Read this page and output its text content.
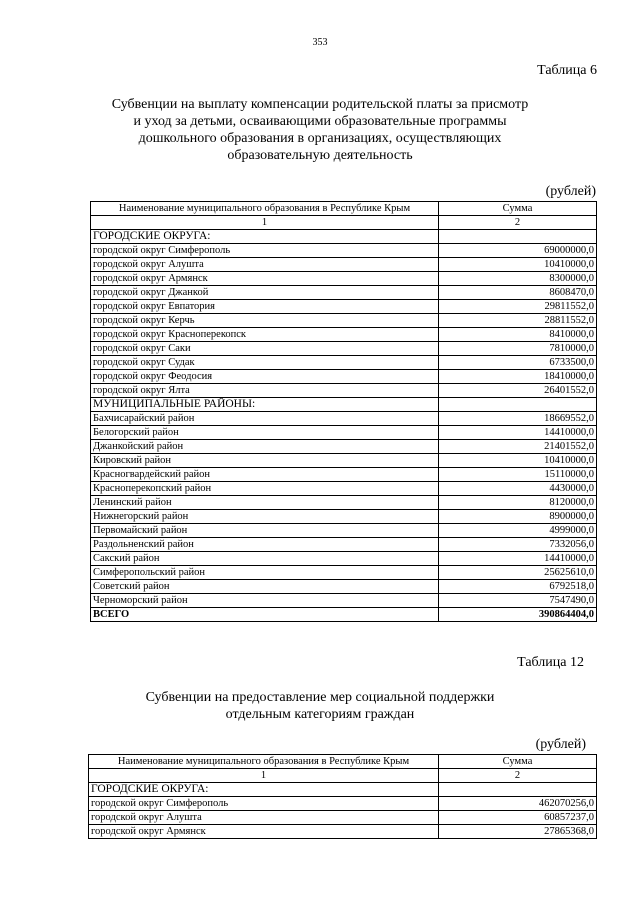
353
Таблица 6
Субвенции на выплату компенсации родительской платы за присмотр
и уход за детьми, осваивающими образовательные программы
дошкольного образования в организациях, осуществляющих
образовательную деятельность
(рублей)
Наименование муниципального образования в Республике Крым	Сумма
1	2
ГОРОДСКИЕ ОКРУГА:	
городской округ Симферополь	69000000,0
городской округ Алушта	10410000,0
городской округ Армянск	8300000,0
городской округ Джанкой	8608470,0
городской округ Евпатория	29811552,0
городской округ Керчь	28811552,0
городской округ Красноперекопск	8410000,0
городской округ Саки	7810000,0
городской округ Судак	6733500,0
городской округ Феодосия	18410000,0
городской округ Ялта	26401552,0
МУНИЦИПАЛЬНЫЕ РАЙОНЫ:	
Бахчисарайский район	18669552,0
Белогорский район	14410000,0
Джанкойский район	21401552,0
Кировский район	10410000,0
Красногвардейский район	15110000,0
Красноперекопский район	4430000,0
Ленинский район	8120000,0
Нижнегорский район	8900000,0
Первомайский район	4999000,0
Раздольненский район	7332056,0
Сакский район	14410000,0
Симферопольский район	25625610,0
Советский район	6792518,0
Черноморский район	7547490,0
ВСЕГО	390864404,0
Таблица 12
Субвенции на предоставление мер социальной поддержки
отдельным категориям граждан
(рублей)
Наименование муниципального образования в Республике Крым	Сумма
1	2
ГОРОДСКИЕ ОКРУГА:	
городской округ Симферополь	462070256,0
городской округ Алушта	60857237,0
городской округ Армянск	27865368,0
